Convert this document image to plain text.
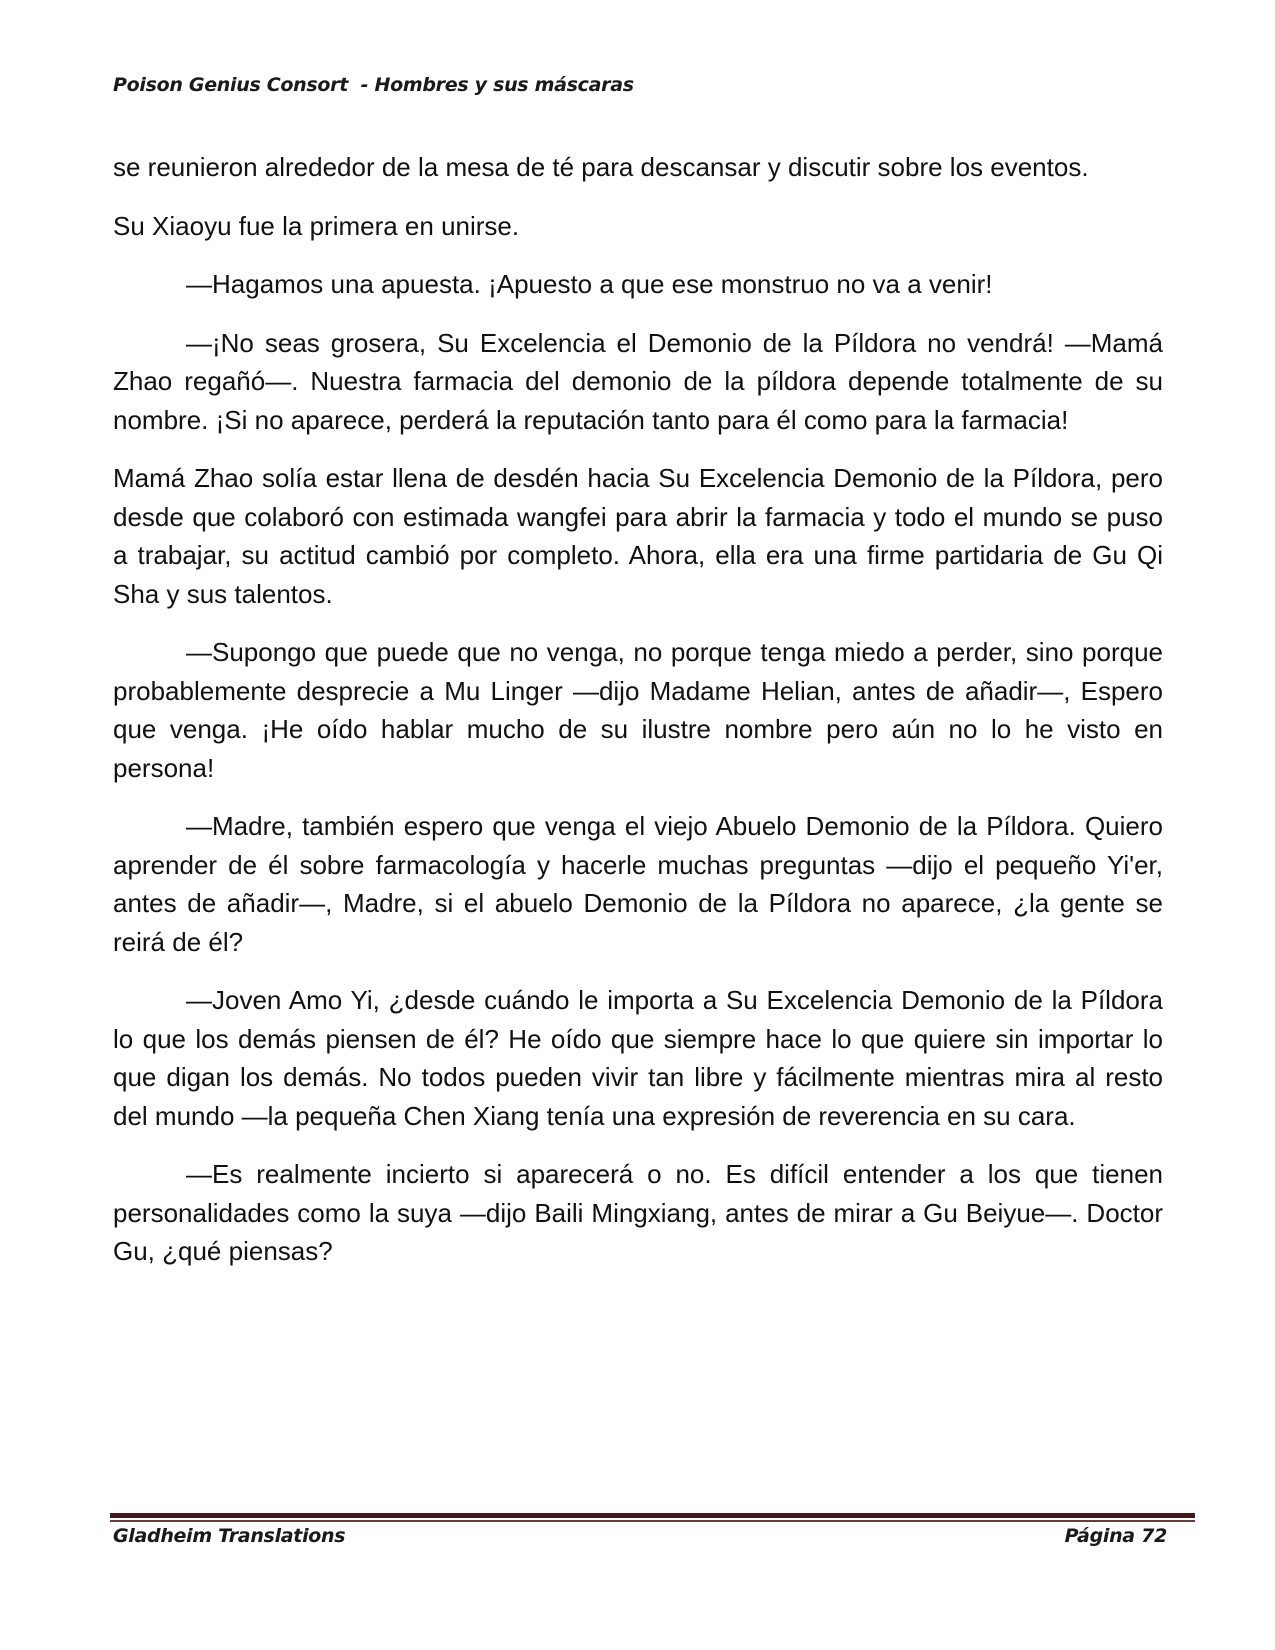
Poison Genius Consort  - Hombres y sus máscaras

se reunieron alrededor de la mesa de té para descansar y discutir sobre los eventos.

Su Xiaoyu fue la primera en unirse.

—Hagamos una apuesta. ¡Apuesto a que ese monstruo no va a venir!

—¡No seas grosera, Su Excelencia el Demonio de la Píldora no vendrá! —Mamá Zhao regañó—. Nuestra farmacia del demonio de la píldora depende totalmente de su nombre. ¡Si no aparece, perderá la reputación tanto para él como para la farmacia!

Mamá Zhao solía estar llena de desdén hacia Su Excelencia Demonio de la Píldora, pero desde que colaboró con estimada wangfei para abrir la farmacia y todo el mundo se puso a trabajar, su actitud cambió por completo. Ahora, ella era una firme partidaria de Gu Qi Sha y sus talentos.

—Supongo que puede que no venga, no porque tenga miedo a perder, sino porque probablemente desprecie a Mu Linger —dijo Madame Helian, antes de añadir—, Espero que venga. ¡He oído hablar mucho de su ilustre nombre pero aún no lo he visto en persona!

—Madre, también espero que venga el viejo Abuelo Demonio de la Píldora. Quiero aprender de él sobre farmacología y hacerle muchas preguntas —dijo el pequeño Yi'er, antes de añadir—, Madre, si el abuelo Demonio de la Píldora no aparece, ¿la gente se reirá de él?

—Joven Amo Yi, ¿desde cuándo le importa a Su Excelencia Demonio de la Píldora lo que los demás piensen de él? He oído que siempre hace lo que quiere sin importar lo que digan los demás. No todos pueden vivir tan libre y fácilmente mientras mira al resto del mundo —la pequeña Chen Xiang tenía una expresión de reverencia en su cara.

—Es realmente incierto si aparecerá o no. Es difícil entender a los que tienen personalidades como la suya —dijo Baili Mingxiang, antes de mirar a Gu Beiyue—. Doctor Gu, ¿qué piensas?

Gladheim Translations	Página 72
